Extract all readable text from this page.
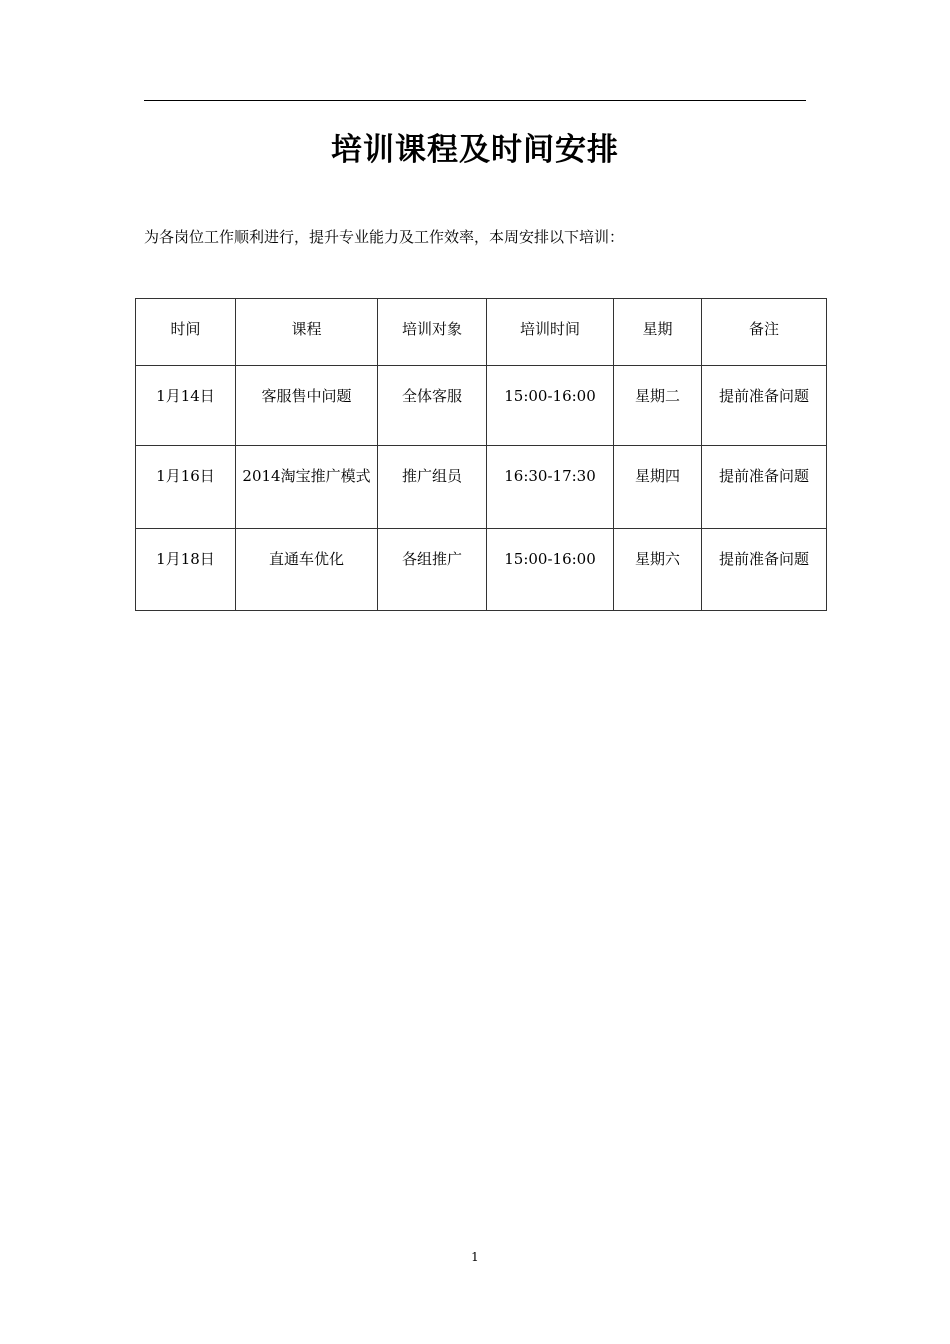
培训课程及时间安排
为各岗位工作顺利进行，提升专业能力及工作效率，本周安排以下培训：
时间	课程	培训对象	培训时间	星期	备注
1月14日	客服售中问题	全体客服	15:00-16:00	星期二	提前准备问题
1月16日	2014淘宝推广模式	推广组员	16:30-17:30	星期四	提前准备问题
1月18日	直通车优化	各组推广	15:00-16:00	星期六	提前准备问题
1
